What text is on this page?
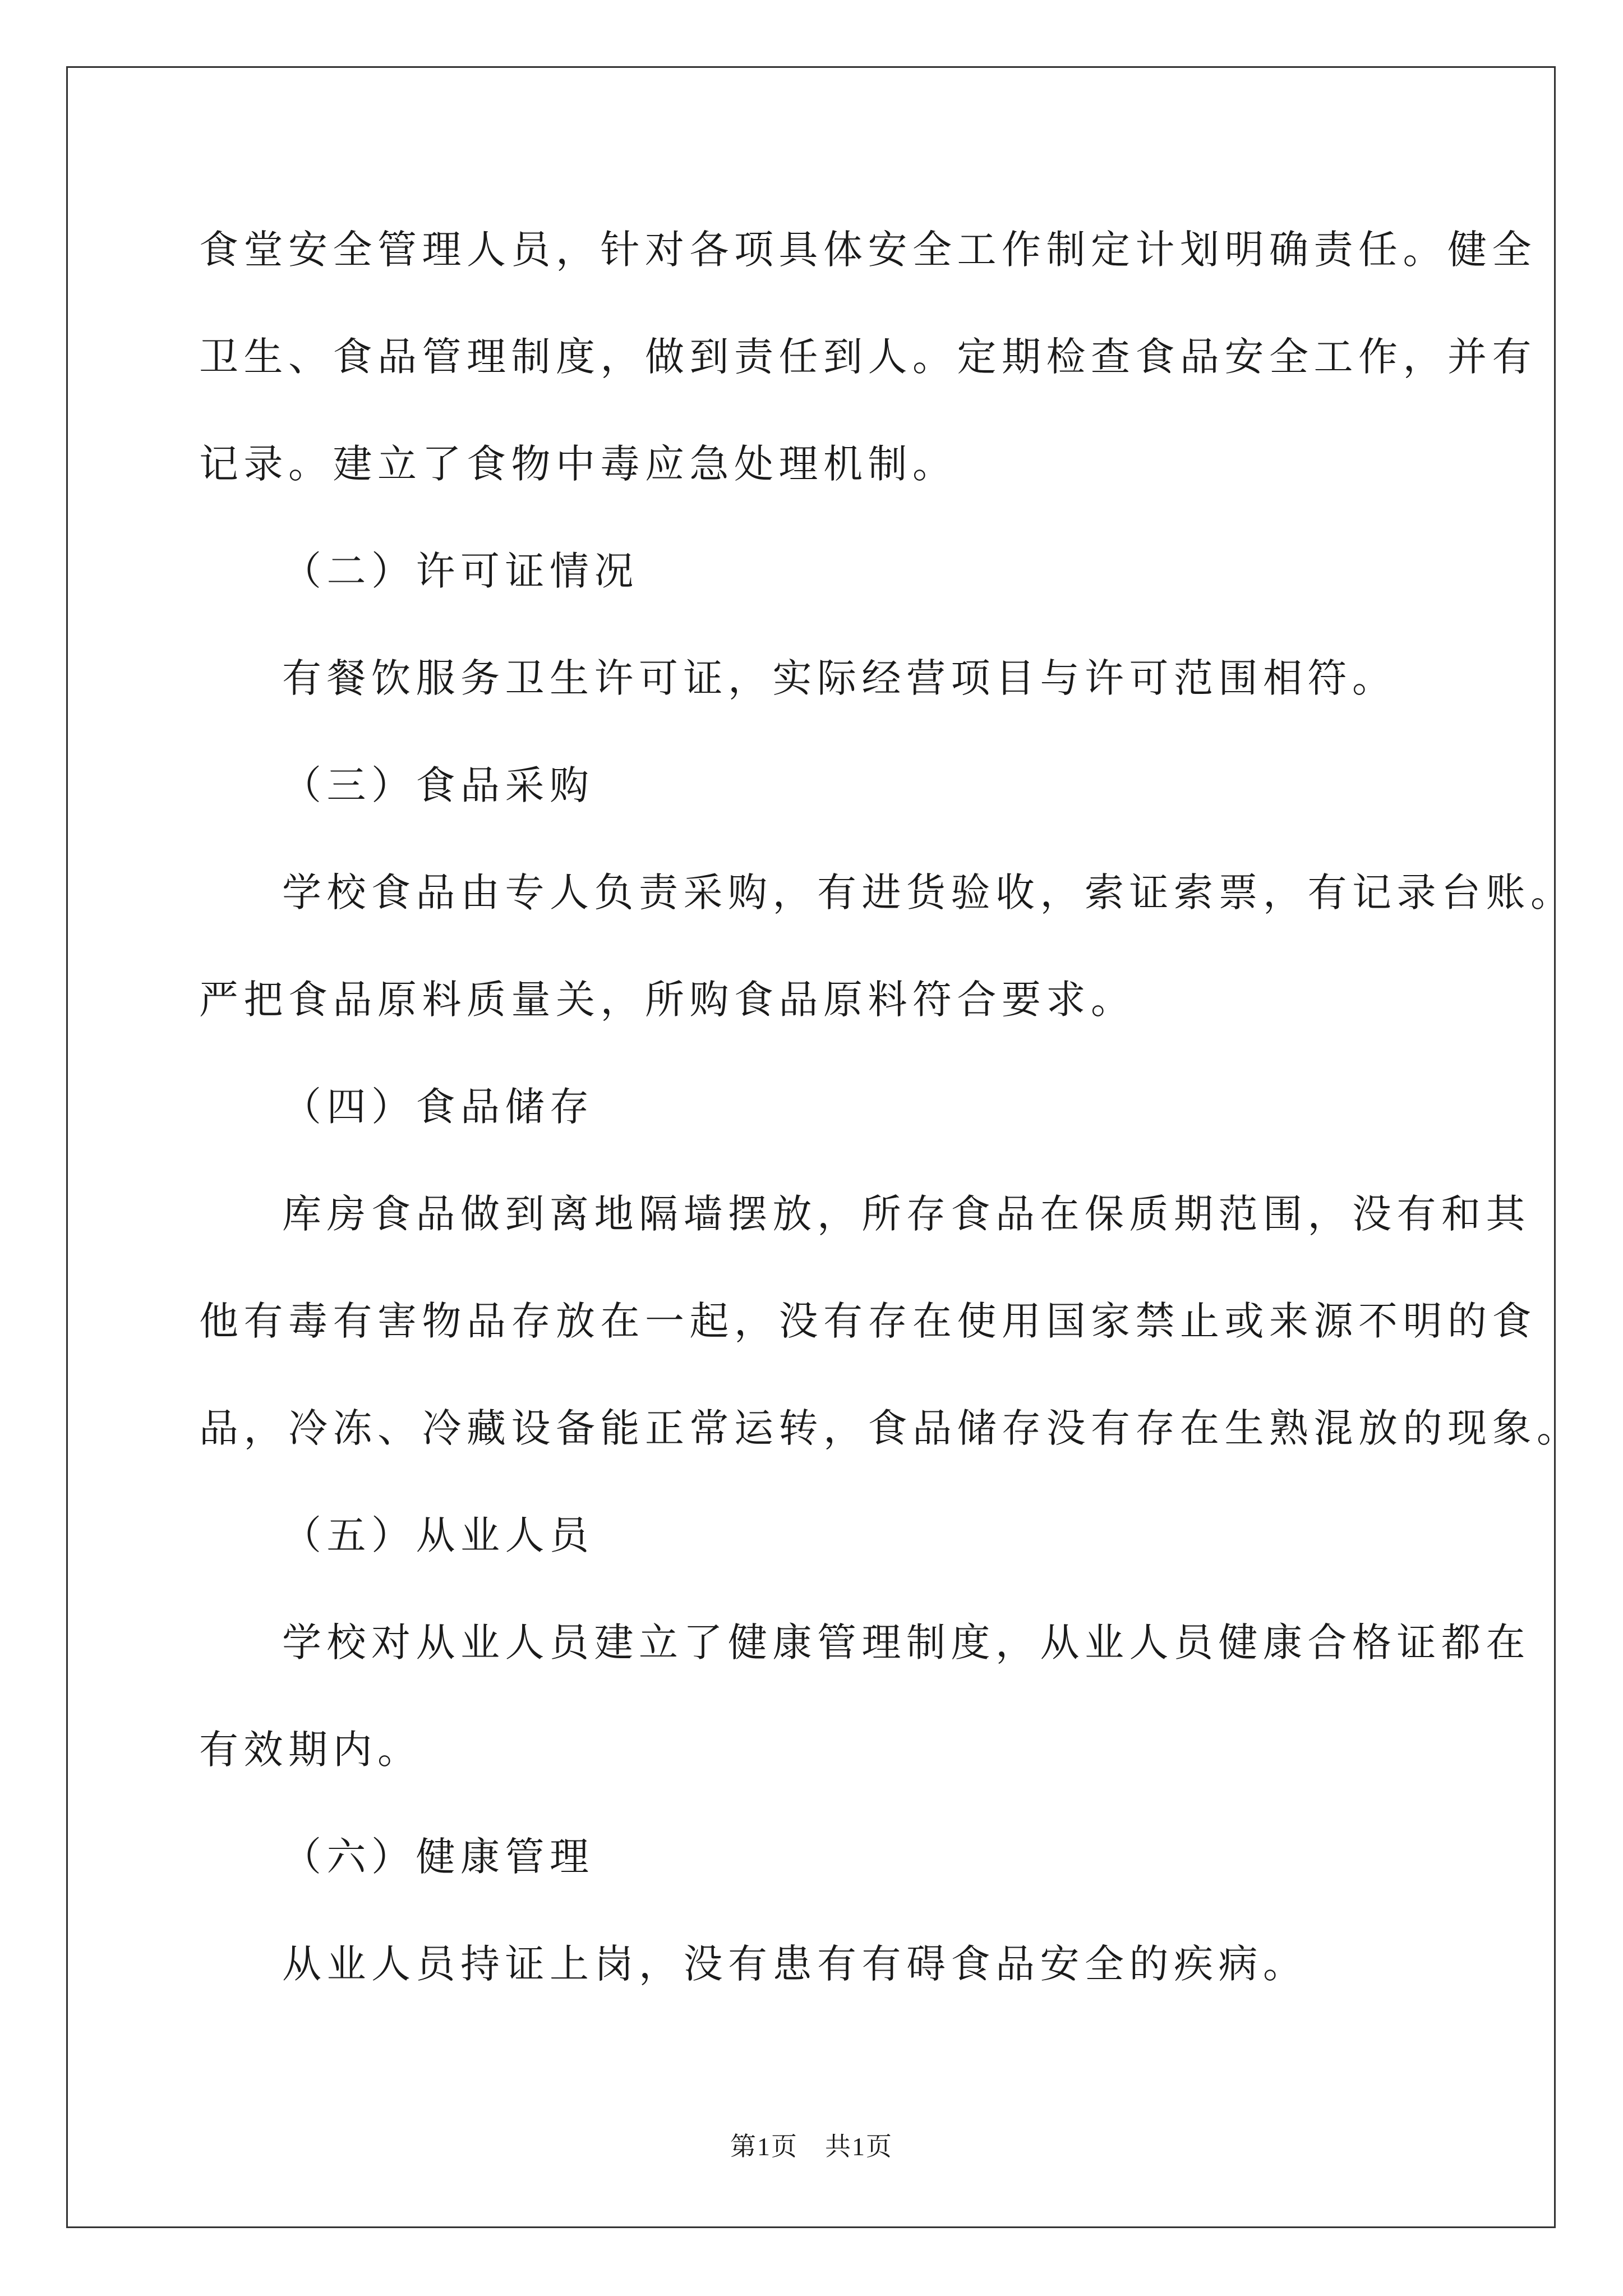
食堂安全管理人员，针对各项具体安全工作制定计划明确责任。健全
卫生、食品管理制度，做到责任到人。定期检查食品安全工作，并有
记录。建立了食物中毒应急处理机制。
（二）许可证情况
有餐饮服务卫生许可证，实际经营项目与许可范围相符。
（三）食品采购
学校食品由专人负责采购，有进货验收，索证索票，有记录台账。
严把食品原料质量关，所购食品原料符合要求。
（四）食品储存
库房食品做到离地隔墙摆放，所存食品在保质期范围，没有和其
他有毒有害物品存放在一起，没有存在使用国家禁止或来源不明的食
品，冷冻、冷藏设备能正常运转，食品储存没有存在生熟混放的现象。
（五）从业人员
学校对从业人员建立了健康管理制度，从业人员健康合格证都在
有效期内。
（六）健康管理
从业人员持证上岗，没有患有有碍食品安全的疾病。
第1页 共1页
